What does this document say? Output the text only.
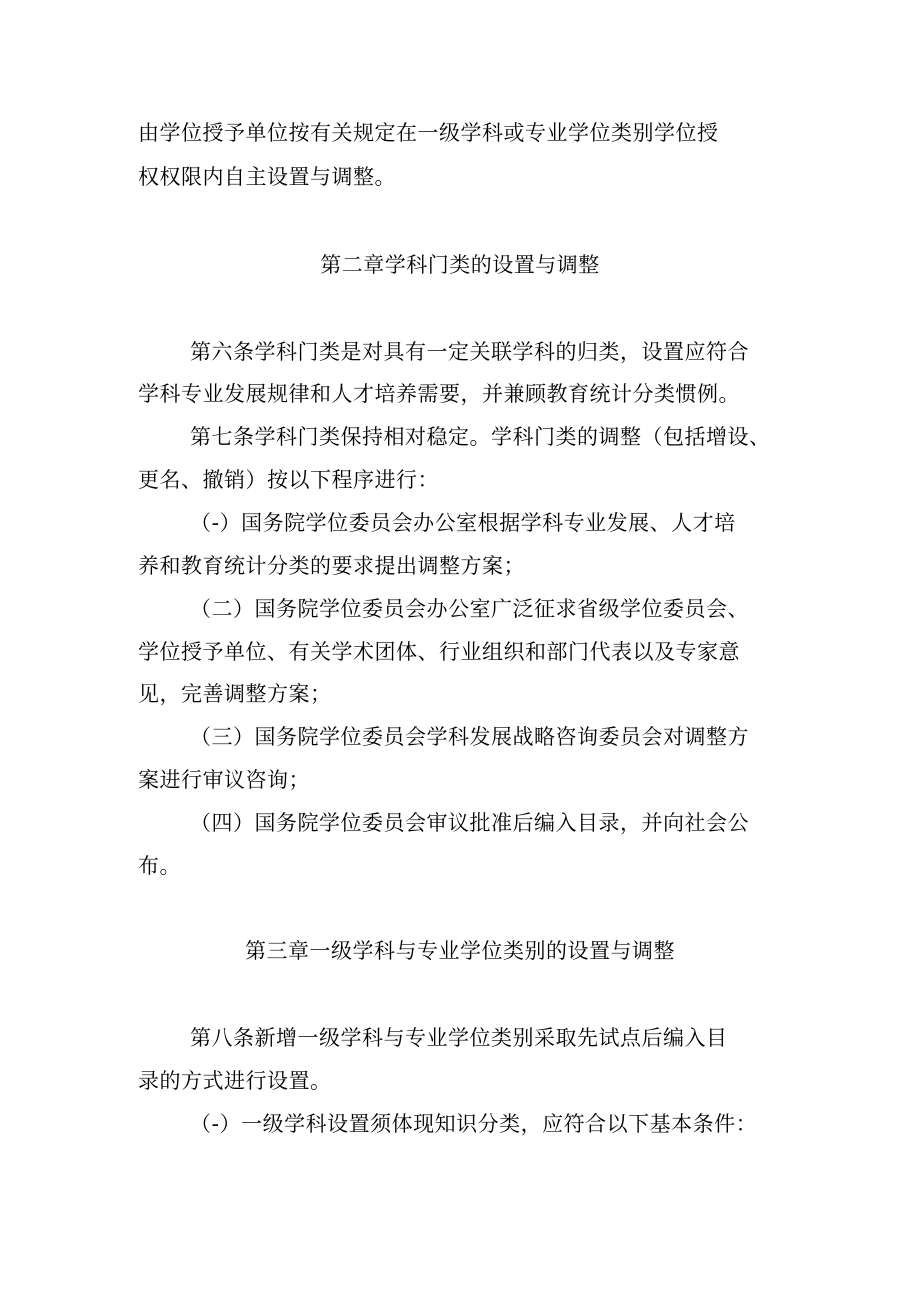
由学位授予单位按有关规定在一级学科或专业学位类别学位授
权权限内自主设置与调整。
第二章学科门类的设置与调整
第六条学科门类是对具有一定关联学科的归类，设置应符合
学科专业发展规律和人才培养需要，并兼顾教育统计分类惯例。
第七条学科门类保持相对稳定。学科门类的调整（包括增设、
更名、撤销）按以下程序进行：
（-）国务院学位委员会办公室根据学科专业发展、人才培
养和教育统计分类的要求提出调整方案；
（二）国务院学位委员会办公室广泛征求省级学位委员会、
学位授予单位、有关学术团体、行业组织和部门代表以及专家意
见，完善调整方案；
（三）国务院学位委员会学科发展战略咨询委员会对调整方
案进行审议咨询；
（四）国务院学位委员会审议批准后编入目录，并向社会公
布。
第三章一级学科与专业学位类别的设置与调整
第八条新增一级学科与专业学位类别采取先试点后编入目
录的方式进行设置。
（-）一级学科设置须体现知识分类，应符合以下基本条件：
